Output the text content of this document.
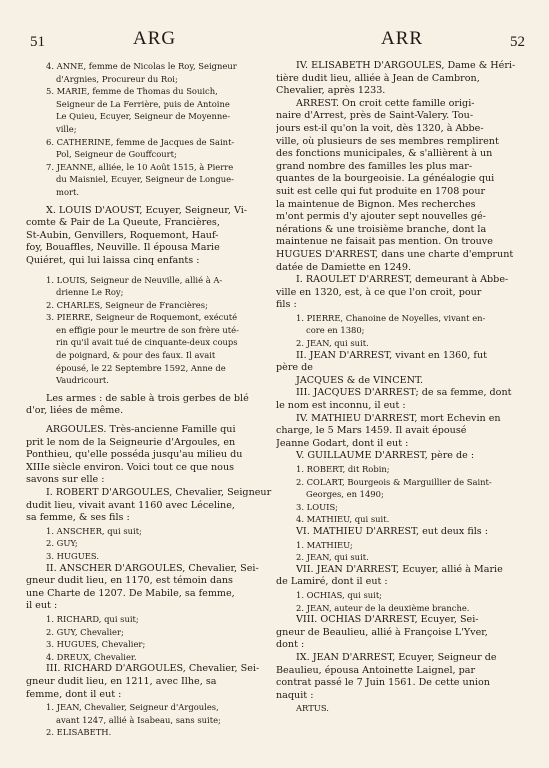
51	ARG	ARR	52

4. ANNE, femme de Nicolas le Roy, Seigneur

d'Argnies, Procureur du Roi;

5. MARIE, femme de Thomas du Souich,

Seigneur de La Ferrière, puis de Antoine

Le Quieu, Ecuyer, Seigneur de Moyenne-

ville;

6. CATHERINE, femme de Jacques de Saint-

Pol, Seigneur de Gouffcourt;

7. JEANNE, alliée, le 10 Août 1515, à Pierre

du Maisniel, Ecuyer, Seigneur de Longue-

mort.

X. LOUIS D'AOUST, Ecuyer, Seigneur, Vi-

comte & Pair de La Queute, Francières,

St-Aubin, Genvillers, Roquemont, Hauf-

foy, Bouaffles, Neuville. Il épousa Marie

Quiéret, qui lui laissa cinq enfants :

1. LOUIS, Seigneur de Neuville, allié à A-

drienne Le Roy;

2. CHARLES, Seigneur de Francières;

3. PIERRE, Seigneur de Roquemont, exécuté

en effigie pour le meurtre de son frère uté-

rin qu'il avait tué de cinquante-deux coups

de poignard, & pour des faux. Il avait

épousé, le 22 Septembre 1592, Anne de

Vaudricourt.

Les armes : de sable à trois gerbes de blé

d'or, liées de même.

ARGOULES. Très-ancienne Famille qui

prit le nom de la Seigneurie d'Argoules, en

Ponthieu, qu'elle posséda jusqu'au milieu du

XIIIe siècle environ. Voici tout ce que nous

savons sur elle :

I. ROBERT D'ARGOULES, Chevalier, Seigneur

dudit lieu, vivait avant 1160 avec Léceline,

sa femme, & ses fils :

1. ANSCHER, qui suit;

2. GUY;

3. HUGUES.

II. ANSCHER D'ARGOULES, Chevalier, Sei-

gneur dudit lieu, en 1170, est témoin dans

une Charte de 1207. De Mabile, sa femme,

il eut :

1. RICHARD, qui suit;

2. GUY, Chevalier;

3. HUGUES, Chevalier;

4. DREUX, Chevalier.

III. RICHARD D'ARGOULES, Chevalier, Sei-

gneur dudit lieu, en 1211, avec Ilhe, sa

femme, dont il eut :

1. JEAN, Chevalier, Seigneur d'Argoules,

avant 1247, allié à Isabeau, sans suite;

2. ELISABETH.

IV. ELISABETH D'ARGOULES, Dame & Héri-

tière dudit lieu, alliée à Jean de Cambron,

Chevalier, après 1233.

ARREST. On croit cette famille origi-

naire d'Arrest, près de Saint-Valery. Tou-

jours est-il qu'on la voit, dès 1320, à Abbe-

ville, où plusieurs de ses membres remplirent

des fonctions municipales, & s'allièrent à un

grand nombre des familles les plus mar-

quantes de la bourgeoisie. La généalogie qui

suit est celle qui fut produite en 1708 pour

la maintenue de Bignon. Mes recherches

m'ont permis d'y ajouter sept nouvelles gé-

nérations & une troisième branche, dont la

maintenue ne faisait pas mention. On trouve

HUGUES D'ARREST, dans une charte d'emprunt

datée de Damiette en 1249.

I. RAOULET D'ARREST, demeurant à Abbe-

ville en 1320, est, à ce que l'on croit, pour

fils :

1. PIERRE, Chanoine de Noyelles, vivant en-

core en 1380;

2. JEAN, qui suit.

II. JEAN D'ARREST, vivant en 1360, fut

père de

JACQUES & de VINCENT.

III. JACQUES D'ARREST; de sa femme, dont

le nom est inconnu, il eut :

IV. MATHIEU D'ARREST, mort Échevin en

charge, le 5 Mars 1459. Il avait épousé

Jeanne Godart, dont il eut :

V. GUILLAUME D'ARREST, père de :

1. ROBERT, dit Robin;

2. COLART, Bourgeois & Marguillier de Saint-

Georges, en 1490;

3. LOUIS;

4. MATHIEU, qui suit.

VI. MATHIEU D'ARREST, eut deux fils :

1. MATHIEU;

2. JEAN, qui suit.

VII. JEAN D'ARREST, Ecuyer, allié à Marie

de Lamiré, dont il eut :

1. OCHIAS, qui suit;

2. JEAN, auteur de la deuxième branche.

VIII. OCHIAS D'ARREST, Ecuyer, Sei-

gneur de Beaulieu, allié à Françoise L'Yver,

dont :

IX. JEAN D'ARREST, Ecuyer, Seigneur de

Beaulieu, épousa Antoinette Laignel, par

contrat passé le 7 Juin 1561. De cette union

naquit :

ARTUS.
